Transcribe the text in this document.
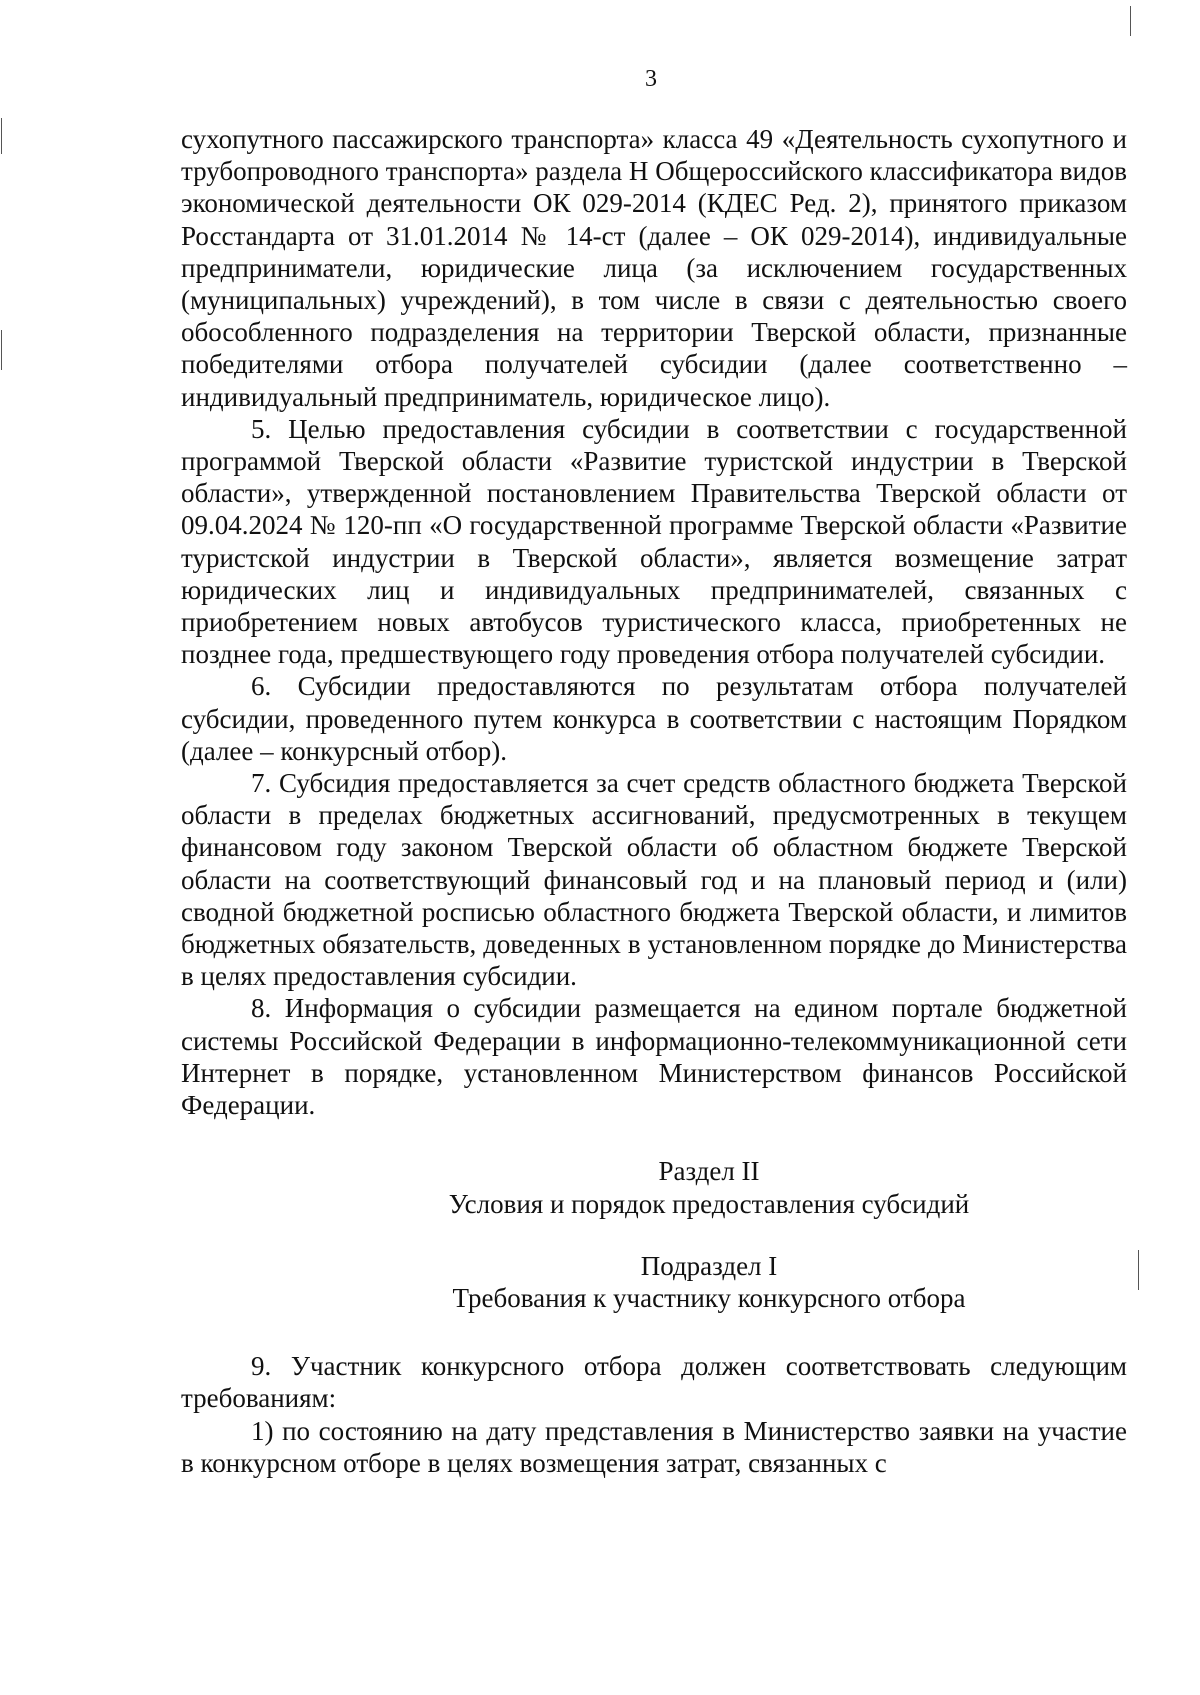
3

сухопутного пассажирского транспорта» класса 49 «Деятельность сухопутного и трубопроводного транспорта» раздела Н Общероссийского классификатора видов экономической деятельности ОК 029-2014 (КДЕС Ред. 2), принятого приказом Росстандарта от 31.01.2014 № 14-ст (далее – ОК 029-2014), индивидуальные предприниматели, юридические лица (за исключением государственных (муниципальных) учреждений), в том числе в связи с деятельностью своего обособленного подразделения на территории Тверской области, признанные победителями отбора получателей субсидии (далее соответственно – индивидуальный предприниматель, юридическое лицо).

5. Целью предоставления субсидии в соответствии с государственной программой Тверской области «Развитие туристской индустрии в Тверской области», утвержденной постановлением Правительства Тверской области от 09.04.2024 № 120-пп «О государственной программе Тверской области «Развитие туристской индустрии в Тверской области», является возмещение затрат юридических лиц и индивидуальных предпринимателей, связанных с приобретением новых автобусов туристического класса, приобретенных не позднее года, предшествующего году проведения отбора получателей субсидии.

6. Субсидии предоставляются по результатам отбора получателей субсидии, проведенного путем конкурса в соответствии с настоящим Порядком (далее – конкурсный отбор).

7. Субсидия предоставляется за счет средств областного бюджета Тверской области в пределах бюджетных ассигнований, предусмотренных в текущем финансовом году законом Тверской области об областном бюджете Тверской области на соответствующий финансовый год и на плановый период и (или) сводной бюджетной росписью областного бюджета Тверской области, и лимитов бюджетных обязательств, доведенных в установленном порядке до Министерства в целях предоставления субсидии.

8. Информация о субсидии размещается на едином портале бюджетной системы Российской Федерации в информационно-телекоммуникационной сети Интернет в порядке, установленном Министерством финансов Российской Федерации.

Раздел II

Условия и порядок предоставления субсидий

Подраздел I

Требования к участнику конкурсного отбора

9. Участник конкурсного отбора должен соответствовать следующим требованиям:

1) по состоянию на дату представления в Министерство заявки на участие в конкурсном отборе в целях возмещения затрат, связанных с
